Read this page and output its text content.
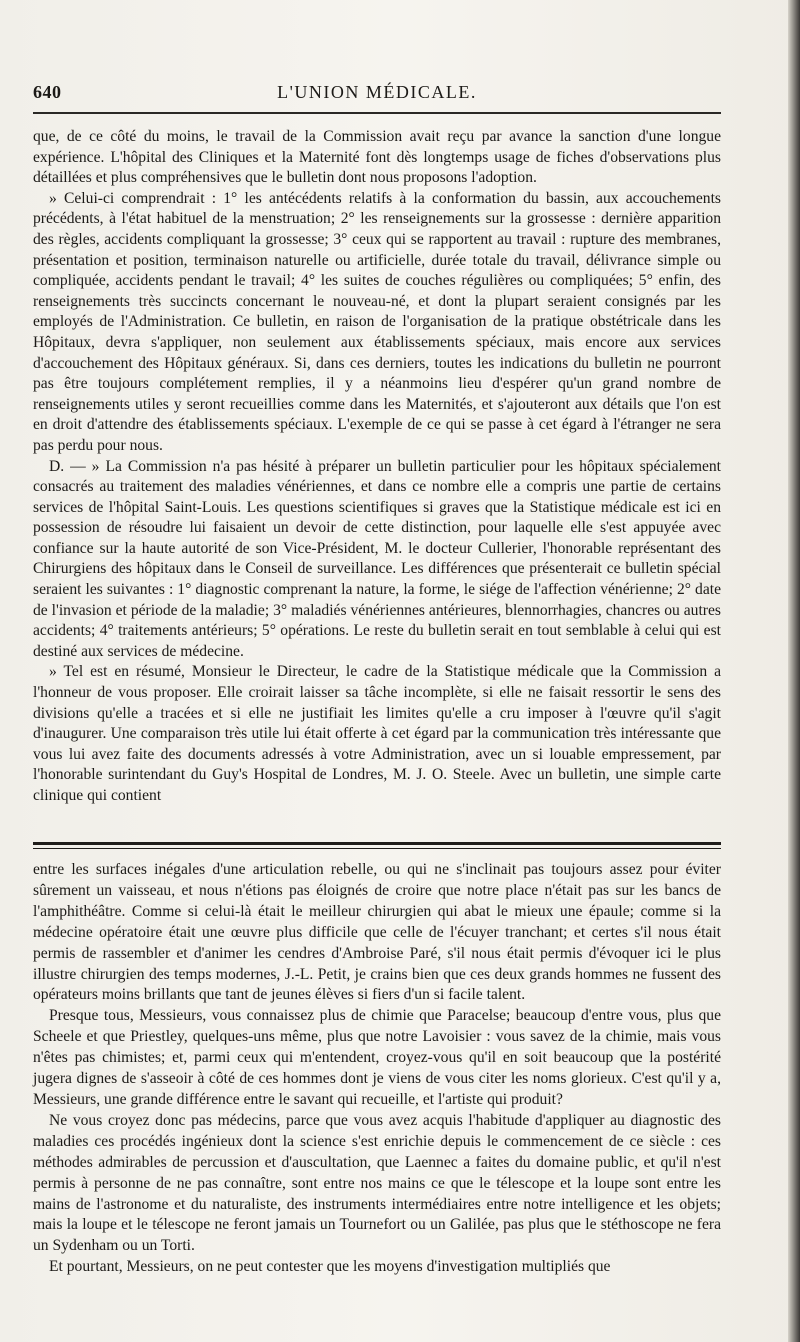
640	L'UNION MÉDICALE.

que, de ce côté du moins, le travail de la Commission avait reçu par avance la sanction d'une longue expérience. L'hôpital des Cliniques et la Maternité font dès longtemps usage de fiches d'observations plus détaillées et plus compréhensives que le bulletin dont nous proposons l'adoption.

» Celui-ci comprendrait : 1° les antécédents relatifs à la conformation du bassin, aux accouchements précédents, à l'état habituel de la menstruation; 2° les renseignements sur la grossesse : dernière apparition des règles, accidents compliquant la grossesse; 3° ceux qui se rapportent au travail : rupture des membranes, présentation et position, terminaison naturelle ou artificielle, durée totale du travail, délivrance simple ou compliquée, accidents pendant le travail; 4° les suites de couches régulières ou compliquées; 5° enfin, des renseignements très succincts concernant le nouveau-né, et dont la plupart seraient consignés par les employés de l'Administration. Ce bulletin, en raison de l'organisation de la pratique obstétricale dans les Hôpitaux, devra s'appliquer, non seulement aux établissements spéciaux, mais encore aux services d'accouchement des Hôpitaux généraux. Si, dans ces derniers, toutes les indications du bulletin ne pourront pas être toujours complétement remplies, il y a néanmoins lieu d'espérer qu'un grand nombre de renseignements utiles y seront recueillies comme dans les Maternités, et s'ajouteront aux détails que l'on est en droit d'attendre des établissements spéciaux. L'exemple de ce qui se passe à cet égard à l'étranger ne sera pas perdu pour nous.

D. — » La Commission n'a pas hésité à préparer un bulletin particulier pour les hôpitaux spécialement consacrés au traitement des maladies vénériennes, et dans ce nombre elle a compris une partie de certains services de l'hôpital Saint-Louis. Les questions scientifiques si graves que la Statistique médicale est ici en possession de résoudre lui faisaient un devoir de cette distinction, pour laquelle elle s'est appuyée avec confiance sur la haute autorité de son Vice-Président, M. le docteur Cullerier, l'honorable représentant des Chirurgiens des hôpitaux dans le Conseil de surveillance. Les différences que présenterait ce bulletin spécial seraient les suivantes : 1° diagnostic comprenant la nature, la forme, le siége de l'affection vénérienne; 2° date de l'invasion et période de la maladie; 3° maladiés vénériennes antérieures, blennorrhagies, chancres ou autres accidents; 4° traitements antérieurs; 5° opérations. Le reste du bulletin serait en tout semblable à celui qui est destiné aux services de médecine.

» Tel est en résumé, Monsieur le Directeur, le cadre de la Statistique médicale que la Commission a l'honneur de vous proposer. Elle croirait laisser sa tâche incomplète, si elle ne faisait ressortir le sens des divisions qu'elle a tracées et si elle ne justifiait les limites qu'elle a cru imposer à l'œuvre qu'il s'agit d'inaugurer. Une comparaison très utile lui était offerte à cet égard par la communication très intéressante que vous lui avez faite des documents adressés à votre Administration, avec un si louable empressement, par l'honorable surintendant du Guy's Hospital de Londres, M. J. O. Steele. Avec un bulletin, une simple carte clinique qui contient

entre les surfaces inégales d'une articulation rebelle, ou qui ne s'inclinait pas toujours assez pour éviter sûrement un vaisseau, et nous n'étions pas éloignés de croire que notre place n'était pas sur les bancs de l'amphithéâtre. Comme si celui-là était le meilleur chirurgien qui abat le mieux une épaule; comme si la médecine opératoire était une œuvre plus difficile que celle de l'écuyer tranchant; et certes s'il nous était permis de rassembler et d'animer les cendres d'Ambroise Paré, s'il nous était permis d'évoquer ici le plus illustre chirurgien des temps modernes, J.-L. Petit, je crains bien que ces deux grands hommes ne fussent des opérateurs moins brillants que tant de jeunes élèves si fiers d'un si facile talent.

Presque tous, Messieurs, vous connaissez plus de chimie que Paracelse; beaucoup d'entre vous, plus que Scheele et que Priestley, quelques-uns même, plus que notre Lavoisier : vous savez de la chimie, mais vous n'êtes pas chimistes; et, parmi ceux qui m'entendent, croyez-vous qu'il en soit beaucoup que la postérité jugera dignes de s'asseoir à côté de ces hommes dont je viens de vous citer les noms glorieux. C'est qu'il y a, Messieurs, une grande différence entre le savant qui recueille, et l'artiste qui produit?

Ne vous croyez donc pas médecins, parce que vous avez acquis l'habitude d'appliquer au diagnostic des maladies ces procédés ingénieux dont la science s'est enrichie depuis le commencement de ce siècle : ces méthodes admirables de percussion et d'auscultation, que Laennec a faites du domaine public, et qu'il n'est permis à personne de ne pas connaître, sont entre nos mains ce que le télescope et la loupe sont entre les mains de l'astronome et du naturaliste, des instruments intermédiaires entre notre intelligence et les objets; mais la loupe et le télescope ne feront jamais un Tournefort ou un Galilée, pas plus que le stéthoscope ne fera un Sydenham ou un Torti.

Et pourtant, Messieurs, on ne peut contester que les moyens d'investigation multipliés que
